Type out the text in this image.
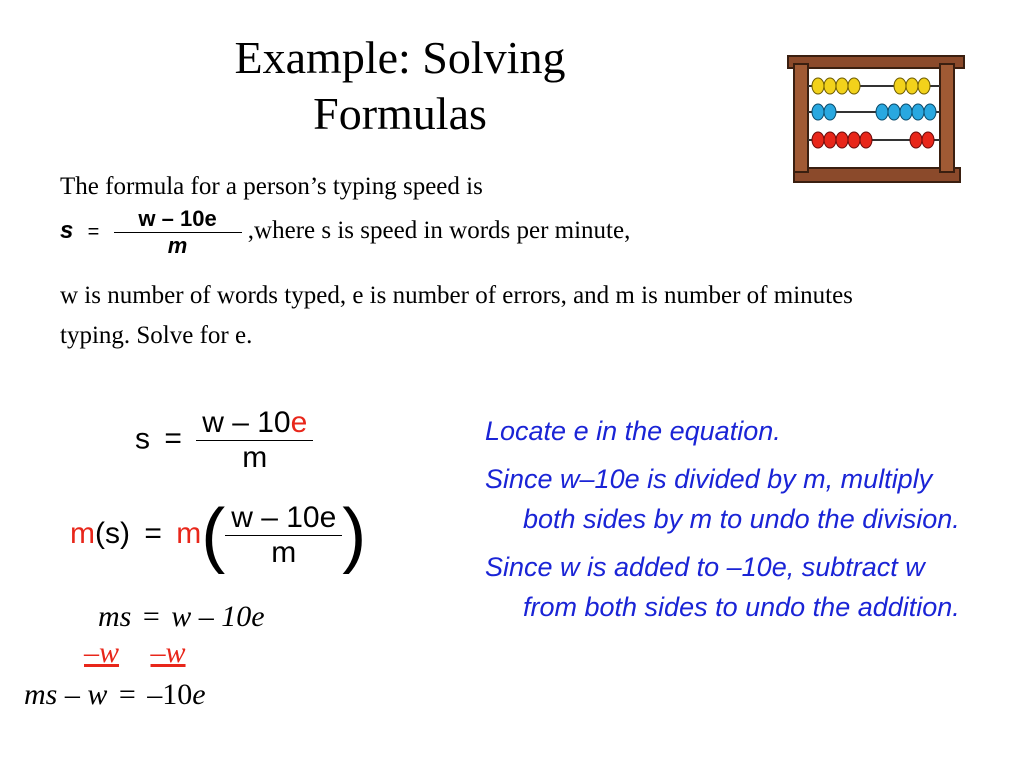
Example: Solving Formulas
The formula for a person’s typing speed is
$s = \frac{w - 10e}{m}$ ,where s is speed in words per minute,
w is number of words typed, e is number of errors, and m is number of minutes typing. Solve for e.
$s = \frac{w - 10e}{m}$
$m(s) = m( \frac{w - 10e}{m}$ )
ms = w – 10e
–w –w
ms – w = –10e

Locate e in the equation.

Since w–10e is divided by m, multiply both sides by m to undo the division.

Since w is added to –10e, subtract w from both sides to undo the addition.
